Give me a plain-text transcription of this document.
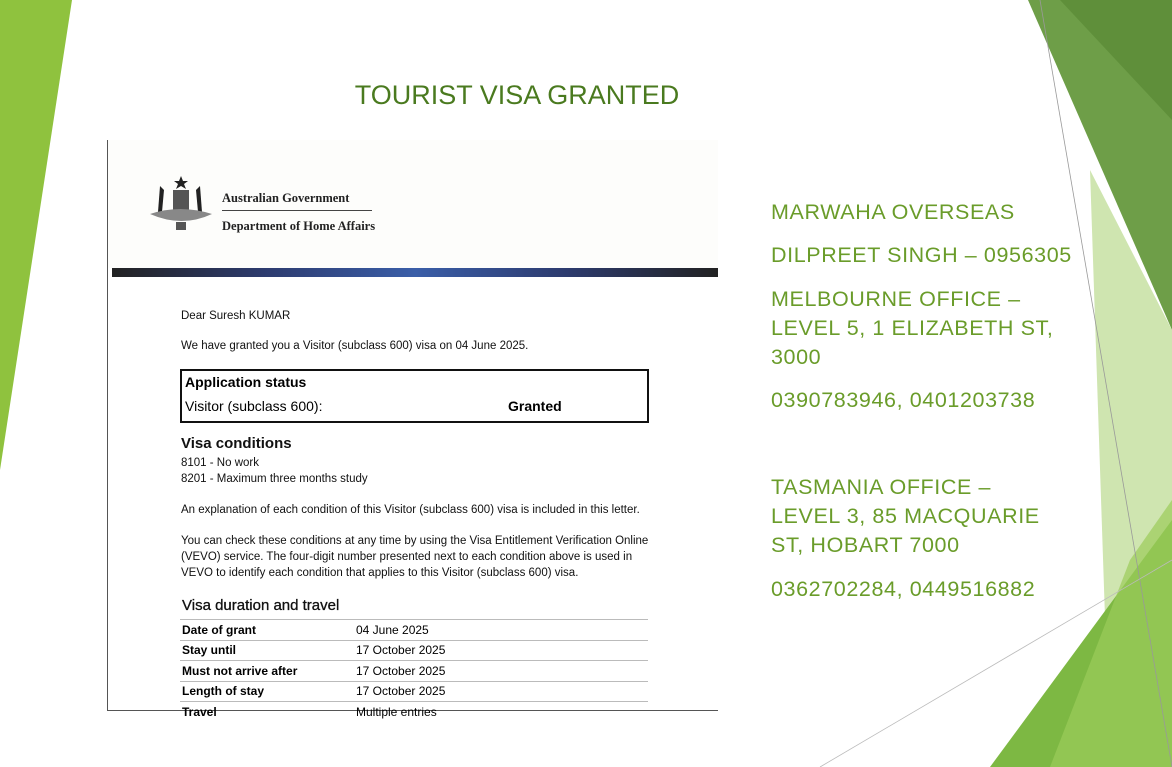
TOURIST VISA GRANTED
Australian Government
Department of Home Affairs
Dear Suresh KUMAR
We have granted you a Visitor (subclass 600) visa on 04 June 2025.
Application status
Visitor (subclass 600):	Granted
Visa conditions
8101 - No work
8201 - Maximum three months study
An explanation of each condition of this Visitor (subclass 600) visa is included in this letter.
You can check these conditions at any time by using the Visa Entitlement Verification Online (VEVO) service. The four-digit number presented next to each condition above is used in VEVO to identify each condition that applies to this Visitor (subclass 600) visa.
Visa duration and travel
Date of grant	04 June 2025
Stay until	17 October 2025
Must not arrive after	17 October 2025
Length of stay	17 October 2025
Travel	Multiple entries
MARWAHA OVERSEAS
DILPREET SINGH – 0956305
MELBOURNE OFFICE – LEVEL 5, 1 ELIZABETH ST, 3000
0390783946, 0401203738
TASMANIA OFFICE – LEVEL 3, 85 MACQUARIE ST, HOBART 7000
0362702284, 0449516882
